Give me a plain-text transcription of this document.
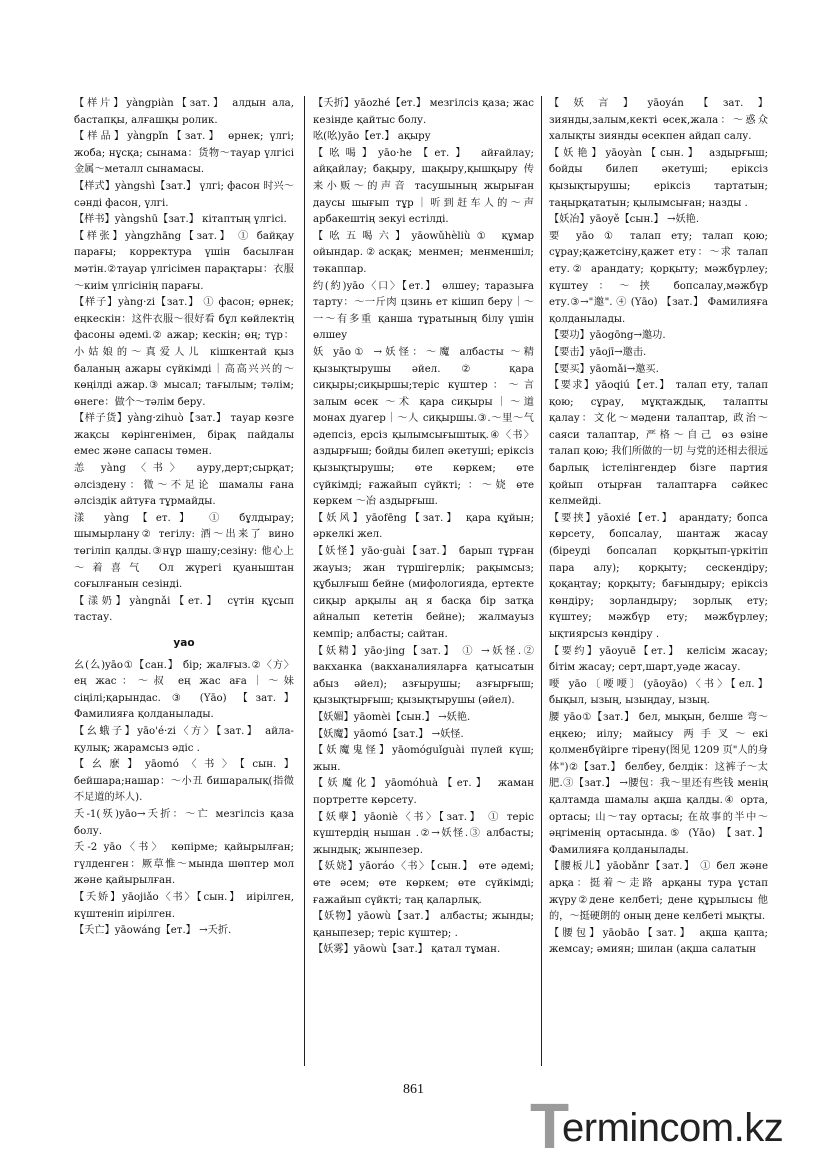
【样片】yàngpiàn【зат.】 алдын ала, бастапқы, алғашқы ролик.

【样品】yàngpǐn【зат.】 өрнек; үлгі; жоба; нұсқа; сынама：货物～тауар үлгісі 金属～металл сынамасы.

【样式】yàngshì【зат.】 үлгі; фасон 时兴～сәнді фасон, үлгі.

【样书】yàngshū【зат.】 кітаптың үлгісі.

【样张】yàngzhāng【зат.】 ① байқау парағы; корректура үшін басылған мәтін.②тауар үлгісімен парақтары：衣服～киім үлгісінің парағы.

【样子】yàng·zi【зат.】 ① фасон; өрнек; еңкескін：这件衣服～很好看 бұл көйлектің фасоны әдемі.② ажар; кескін; өң; түр：小姑娘的～真爱人儿 кішкентай қыз баланың ажары сүйкімді｜高高兴兴的～көңілді ажар.③ мысал; тағылым; тәлім; өнеге：做个～тәлім беру.

【样子货】yàng·zihuò【зат.】 тауар көзге жақсы көрінгенімен, бірақ пайдалы емес және сапасы төмен.

恙 yàng 〈书〉 ауру,дерт;сырқат; әлсіздену：微～不足论 шамалы ғана әлсіздік айтуға тұрмайды.

漾 yàng【ет.】 ① бұлдырау; шымырлану② тегілу: 酒～出来了 вино төгіліп қалды.③нұр шашу;сезіну: 他心上～着喜气 Ол жүрегі қуаныштан соғылғанын сезінді.

【漾奶】yàngnǎi【ет.】 сүтін құсып тастау.

yao

幺(么)yāo①【сан.】 бір; жалғыз.②〈方〉 ең жас：～叔 ең жас аға｜～妹 сіңілі;қарындас. ③ (Yāo) 【зат.】 Фамилияға қолданылады.

【幺蛾子】yāo'é·zi〈方〉【зат.】 айла-қулық; жарамсыз әдіс .

【幺麽】yāomó〈书〉【сын.】 бейшара;нашар：～小丑 бишаралық(指微不足道的坏人).

夭-1(殀)yāo→夭折：～亡 мезгілсіз қаза болу.

夭-2 yāo〈书〉 көпірме; қайырылған; гүлденген：厥草惟～мында шөптер мол және қайырылған.

【夭娇】yāojiǎo〈书〉【сын.】 иірілген, күштеніп иірілген.

【夭亡】yāowáng【ет.】 →夭折.

【夭折】yāozhé【ет.】 мезгілсіз қаза; жас кезінде қайтыс болу.

吆(吆)yāo【ет.】 ақыру

【吆喝】yāo·he【ет.】 айғайлау; айқайлау; бақыру, шақыру,қышқыру 传来小贩～的声音 тасушының жырыған даусы шығып тұр｜听到赶车人的～声 арбакештің зекуі естілді.

【吆五喝六】yāowǔhèliù① құмар ойындар.②асқақ; менмен; менменшіл; тәкаппар.

约(約)yāo〈口〉【ет.】 өлшеу; таразыға тарту：～一斤肉 цзинь ет кішип беру｜～一～有多重 қанша тұратының білу үшін өлшеу

妖 yāo① →妖怪：～魔 албасты ～精 қызықтырушы әйел. ② қара сиқыры;сиқыршы;теріс күштер：～言 залым өсек ～术 қара сиқыры｜～道 монах дуагер｜～人 сиқыршы.③.～里～气 әдепсіз, ерсіз қылымсығыштық.④〈书〉 аздырғыш; бойды билеп әкетуші; еріксіз қызықтырушы; өте көркем; өте сүйкімді; ғажайып сүйкті; ：～娆 өте көркем ～冶 аздырғыш.

【妖风】yāofēng【зат.】 қара құйын; әркелкі жел.

【妖怪】yāo·guài【зат.】 барып тұрған жауыз; жан түршігерлік; рақымсыз; құбылғыш бейне (мифологияда, ертекте сиқыр арқылы аң я басқа бір затқа айналып кететін бейне); жалмауыз кемпір; албасты; сайтан.

【妖精】yāo·jing【зат.】 ① →妖怪.② вакханка (вакханалияларға қатысатын абыз әйел); азғырушы; азғырғыш; қызықтырғыш; қызықтырушы (әйел).

【妖媚】yāomèi【сын.】 →妖艳.

【妖魔】yāomó【зат.】 →妖怪.

【妖魔鬼怪】yāomóguǐguài пүлей күш; жын.

【妖魔化】yāomóhuà【ет.】 жаман портретте көрсету.

【妖孽】yāoniè〈书〉【зат.】 ① теріс күштердің нышан .②→妖怪.③ албасты; жындық; жынпезер.

【妖娆】yāoráo〈书〉【сын.】 өте әдемі; өте әсем; өте көркем; өте сүйкімді; ғажайып сүйкті; таң қаларлық.

【妖物】yāowù【зат.】 албасты; жынды; қаныпезер; теріс күштер; .

【妖雾】yāowù【зат.】 қатал тұман.

【妖言】yāoyán【зат.】 зиянды,залым,кекті өсек,жала：～惑众 халықты зиянды өсекпен айдап салу.

【妖艳】yāoyàn【сын.】 аздырғыш; бойды билеп әкетуші; еріксіз қызықтырушы; еріксіз тартатын; таңырқататын; қылымсыған; назды .

【妖冶】yāoyě【сын.】 →妖艳.

要 yāo ① талап ету; талап қою; сұрау;қажетсіну,қажет ету：～求 талап ету.② арандату; қорқыту; мәжбүрлеу; күштеу：～挟 бопсалау,мәжбүр ету.③→"邀". ④ (Yāo) 【зат.】 Фамилияға қолданылады.

【要功】yāogōng→邀功.

【要击】yāojī→邀击.

【要买】yāomǎi→邀买.

【要求】yāoqiú【ет.】 талап ету, талап қою; сұрау, мұқтаждық, талапты қалау：文化～мәдени талаптар, 政治～саяси талаптар, 严格～自己 өз өзіне талап қою; 我们所做的一切 与党的还相去很远 барлық істелінгендер бізге партия қойып отырған талаптарға сәйкес келмейді.

【要挟】yāoxié【ет.】 арандату; бопса көрсету, бопсалау, шантаж жасау (біреуді бопсалап қорқытып-үркітіп пара алу); қорқыту; сескендіру; қоқаңтау; қорқыту; бағындыру; еріксіз көндіру; зорландыру; зорлық ету; күштеу; мәжбүр ету; мәжбүрлеу; ықтиярсыз көндіру .

【要约】yāoyuē【ет.】 келісім жасау; бітім жасау; серт,шарт,уәде жасау.

喓 yāo〔喓喓〕(yāoyāo)〈书〉【ел.】 бықыл, ызың, ызыңдау, ызың.

腰 yāo①【зат.】 бел, мықын, белше 弯～еңкею; иілу; майысу 两手叉～екі қолменбүйірге тірену(图见 1209 页"人的身体")②【зат.】 белбеу, белдік：这裤子～太肥.③【зат.】 →腰包：我～里还有些钱 менің қалтамда шамалы ақша қалды.④ орта, ортасы; 山～тау ортасы; 在故事的半中～ әңгіменің ортасында.⑤ (Yāo) 【зат.】 Фамилияға қолданылады.

【腰板儿】yāobǎnr【зат.】 ① бел және арқа：挺着～走路 арқаны тура ұстап жүру②дене келбеті; дене құрылысы 他的，～挺硬朗的 оның дене келбеті мықты.

【腰包】yāobāo【зат.】 ақша қапта; жемсау; әмиян; шилан (ақша салатын

861
T
ermincom.kz
